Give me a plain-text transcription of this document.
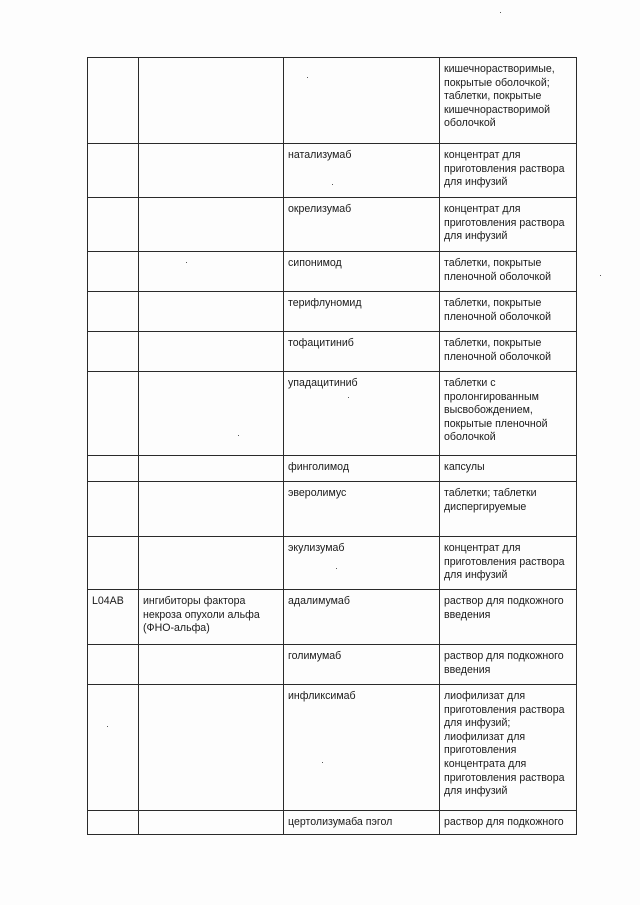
			кишечнорастворимые, покрытые оболочкой; таблетки, покрытые кишечнорастворимой оболочкой
		натализумаб	концентрат для приготовления раствора для инфузий
		окрелизумаб	концентрат для приготовления раствора для инфузий
		сипонимод	таблетки, покрытые пленочной оболочкой
		терифлуномид	таблетки, покрытые пленочной оболочкой
		тофацитиниб	таблетки, покрытые пленочной оболочкой
		упадацитиниб	таблетки с пролонгированным высвобождением, покрытые пленочной оболочкой
		финголимод	капсулы
		эверолимус	таблетки; таблетки диспергируемые
		экулизумаб	концентрат для приготовления раствора для инфузий
L04AB	ингибиторы фактора некроза опухоли альфа (ФНО-альфа)	адалимумаб	раствор для подкожного введения
		голимумаб	раствор для подкожного введения
		инфликсимаб	лиофилизат для приготовления раствора для инфузий; лиофилизат для приготовления концентрата для приготовления раствора для инфузий
		цертолизумаба пэгол	раствор для подкожного
